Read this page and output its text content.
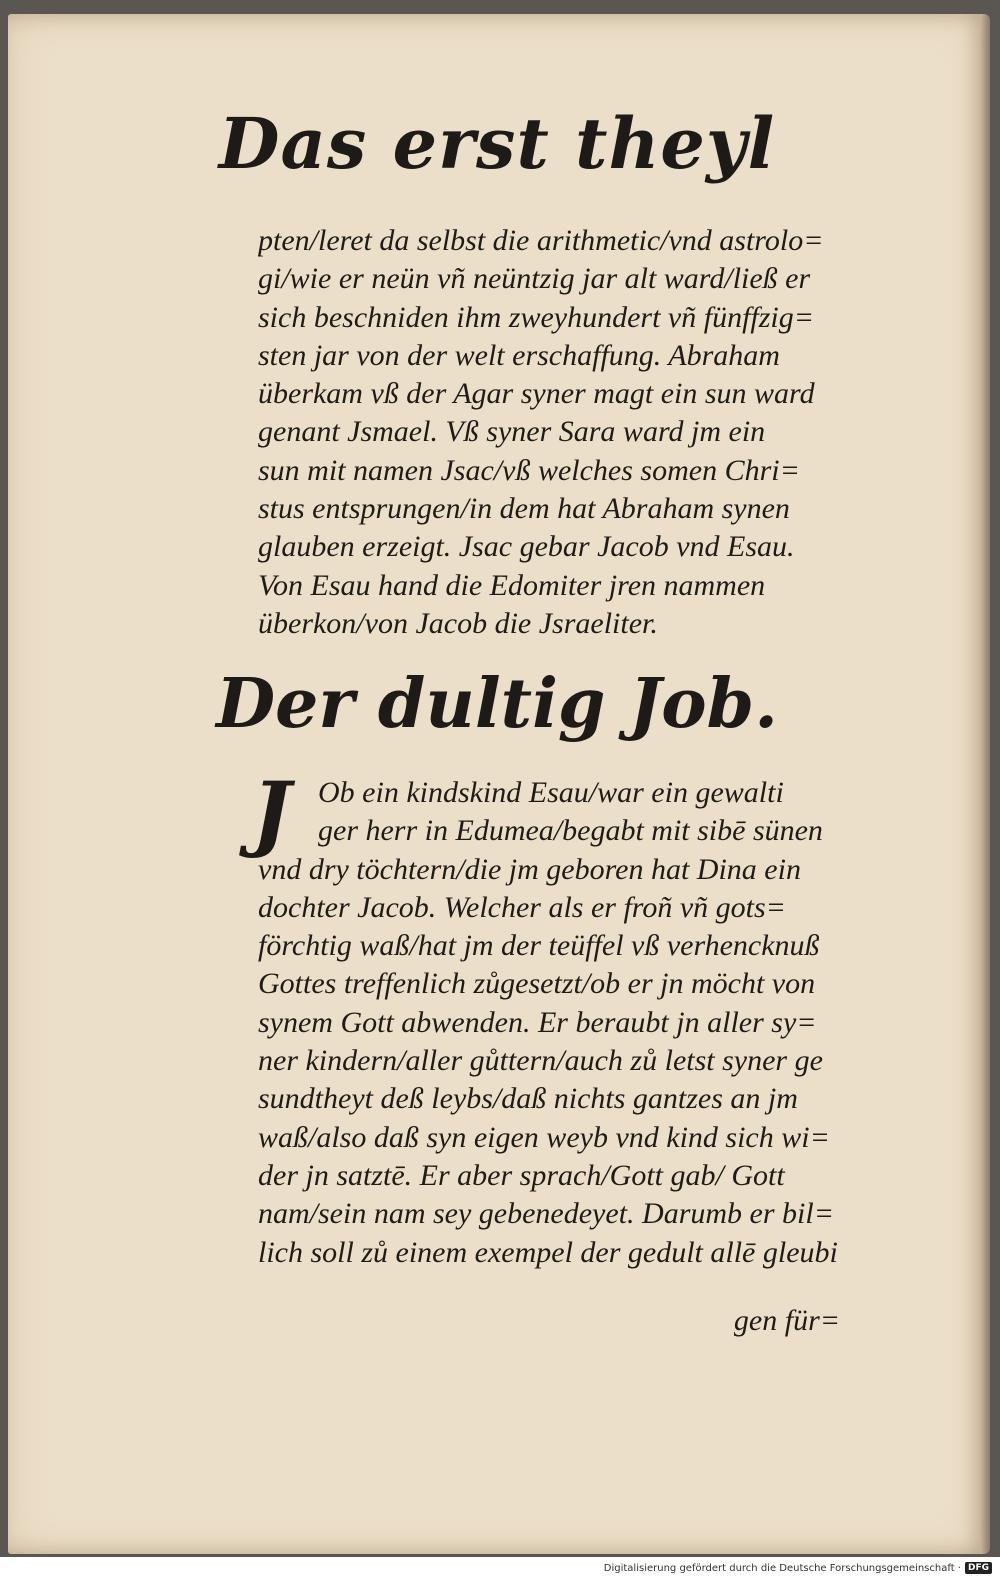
Das erst theyl
pten/leret da selbst die arithmetic/vnd astrolo=
gi/wie er neün vñ neüntzig jar alt ward/ließ er
sich beschniden ihm zweyhundert vñ fünffzig=
sten jar von der welt erschaffung. Abraham
überkam vß der Agar syner magt ein sun ward
genant Jsmael. Vß syner Sara ward jm ein
sun mit namen Jsac/vß welches somen Chri=
stus entsprungen/in dem hat Abraham synen
glauben erzeigt. Jsac gebar Jacob vnd Esau.
Von Esau hand die Edomiter jren nammen
überkon/von Jacob die Jsraeliter.
Der dultig Job.
J Ob ein kindskind Esau/war ein gewalti
ger herr in Edumea/begabt mit sibē sünen
vnd dry töchtern/die jm geboren hat Dina ein
dochter Jacob. Welcher als er froñ vñ gots=
förchtig waß/hat jm der teüffel vß verhencknuß
Gottes treffenlich zůgesetzt/ob er jn möcht von
synem Gott abwenden. Er beraubt jn aller sy=
ner kindern/aller gůttern/auch zů letst syner ge
sundtheyt deß leybs/daß nichts gantzes an jm
waß/also daß syn eigen weyb vnd kind sich wi=
der jn satztē. Er aber sprach/Gott gab/ Gott
nam/sein nam sey gebenedeyet. Darumb er bil=
lich soll zů einem exempel der gedult allē gleubi
gen für=
Digitalisierung gefördert durch die Deutsche Forschungsgemeinschaft · DFG
